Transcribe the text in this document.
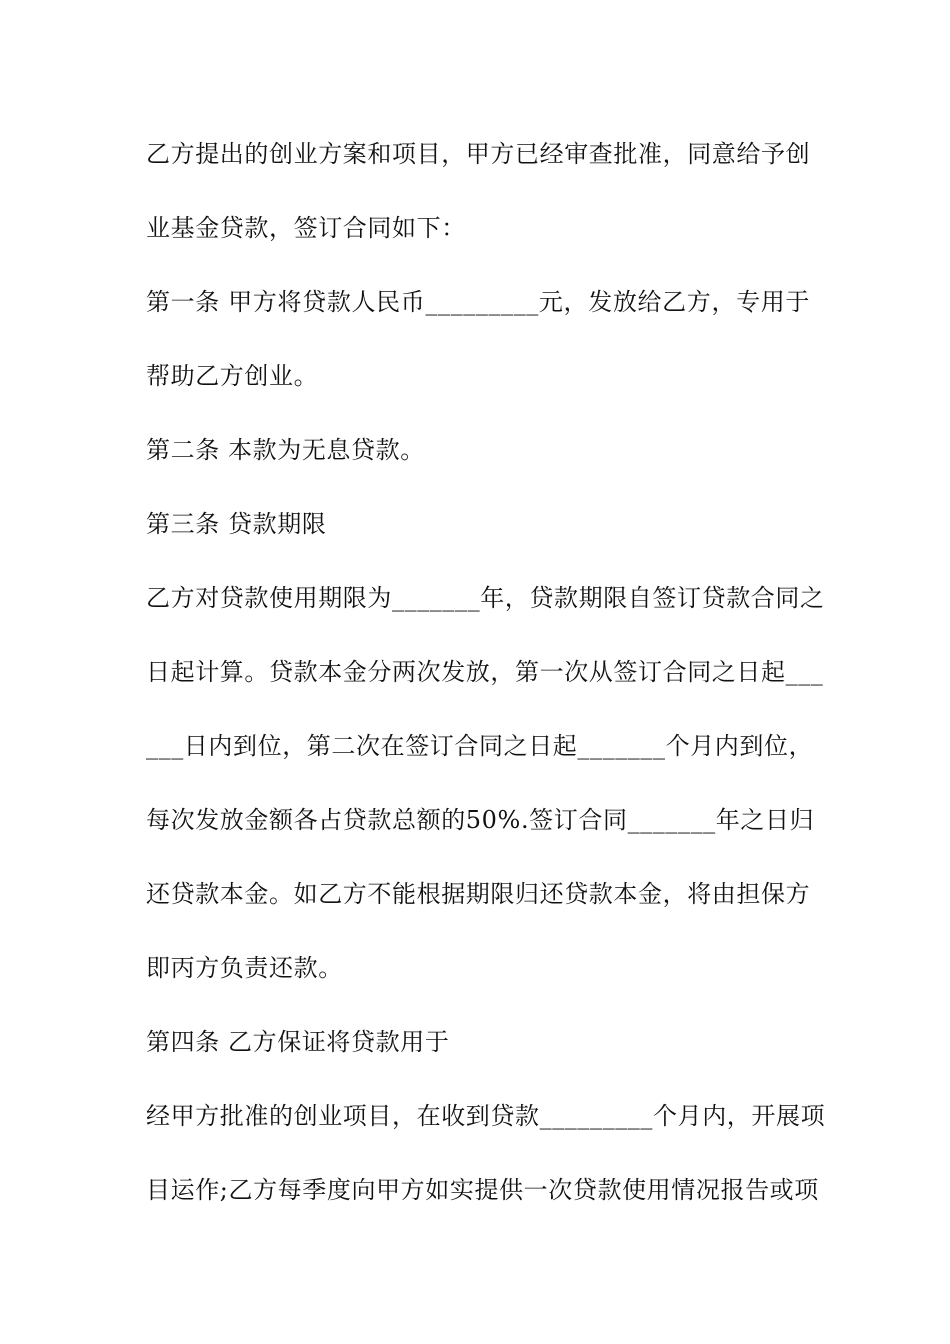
乙方提出的创业方案和项目，甲方已经审查批准，同意给予创
业基金贷款，签订合同如下：
第一条 甲方将贷款人民币_________元，发放给乙方，专用于
帮助乙方创业。
第二条 本款为无息贷款。
第三条 贷款期限
乙方对贷款使用期限为_______年，贷款期限自签订贷款合同之
日起计算。贷款本金分两次发放，第一次从签订合同之日起___
___日内到位，第二次在签订合同之日起_______个月内到位，
每次发放金额各占贷款总额的50%.签订合同_______年之日归
还贷款本金。如乙方不能根据期限归还贷款本金，将由担保方
即丙方负责还款。
第四条 乙方保证将贷款用于
经甲方批准的创业项目，在收到贷款_________个月内，开展项
目运作;乙方每季度向甲方如实提供一次贷款使用情况报告或项
